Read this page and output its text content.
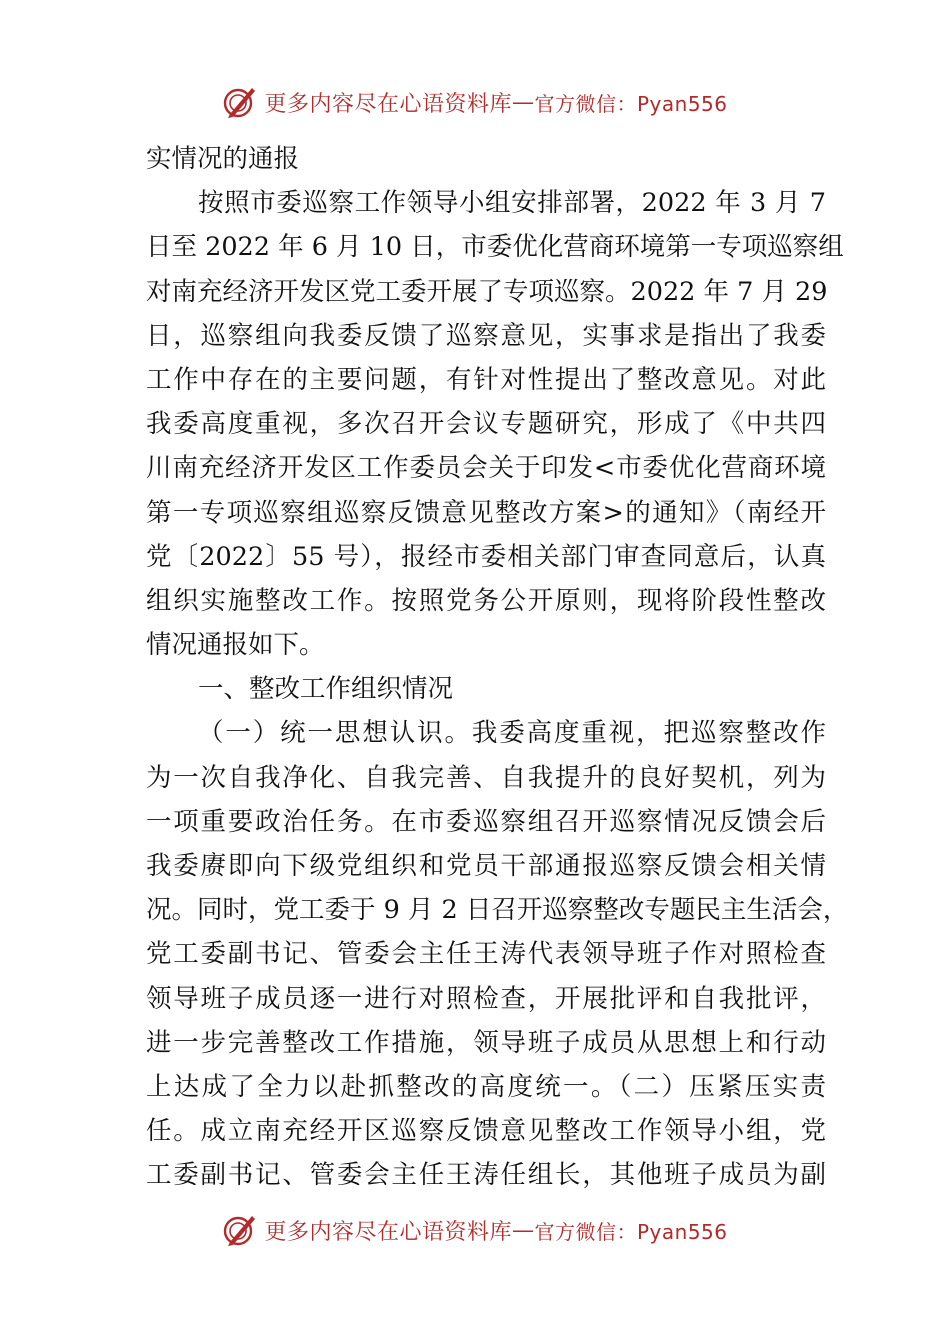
更多内容尽在心语资料库 — 官方微信：Pyan556
实情况的通报
按照市委巡察工作领导小组安排部署，2022 年 3 月 7
日至 2022 年 6 月 10 日，市委优化营商环境第一专项巡察组
对南充经济开发区党工委开展了专项巡察。2022 年 7 月 29
日，巡察组向我委反馈了巡察意见，实事求是指出了我委
工作中存在的主要问题，有针对性提出了整改意见。对此
我委高度重视，多次召开会议专题研究，形成了《中共四
川南充经济开发区工作委员会关于印发<市委优化营商环境
第一专项巡察组巡察反馈意见整改方案>的通知》（南经开
党〔2022〕55 号），报经市委相关部门审查同意后，认真
组织实施整改工作。按照党务公开原则，现将阶段性整改
情况通报如下。
一、整改工作组织情况
（一）统一思想认识。我委高度重视，把巡察整改作
为一次自我净化、自我完善、自我提升的良好契机，列为
一项重要政治任务。在市委巡察组召开巡察情况反馈会后
我委赓即向下级党组织和党员干部通报巡察反馈会相关情
况。同时，党工委于 9 月 2 日召开巡察整改专题民主生活会，
党工委副书记、管委会主任王涛代表领导班子作对照检查
领导班子成员逐一进行对照检查，开展批评和自我批评，
进一步完善整改工作措施，领导班子成员从思想上和行动
上达成了全力以赴抓整改的高度统一。（二）压紧压实责
任。成立南充经开区巡察反馈意见整改工作领导小组，党
工委副书记、管委会主任王涛任组长，其他班子成员为副
更多内容尽在心语资料库 — 官方微信：Pyan556
